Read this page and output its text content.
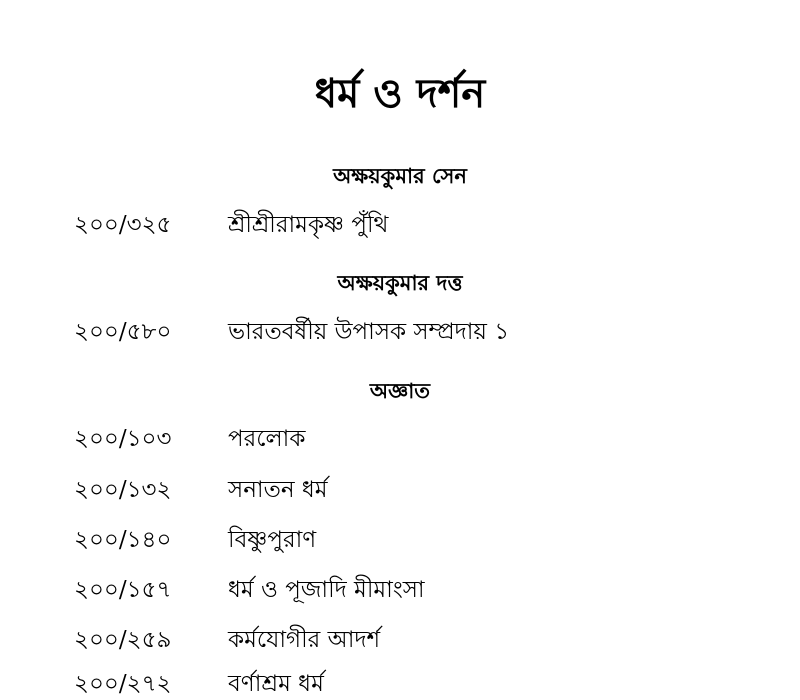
ধর্ম ও দর্শন
অক্ষয়কুমার সেন
২০০/৩২৫ শ্রীশ্রীরামকৃষ্ণ পুঁথি
অক্ষয়কুমার দত্ত
২০০/৫৮০ ভারতবর্ষীয় উপাসক সম্প্রদায় ১
অজ্ঞাত
২০০/১০৩ পরলোক
২০০/১৩২ সনাতন ধর্ম
২০০/১৪০ বিষ্ণুপুরাণ
২০০/১৫৭ ধর্ম ও পূজাদি মীমাংসা
২০০/২৫৯ কর্মযোগীর আদর্শ
২০০/২৭২ বর্ণাশ্রম ধর্ম
